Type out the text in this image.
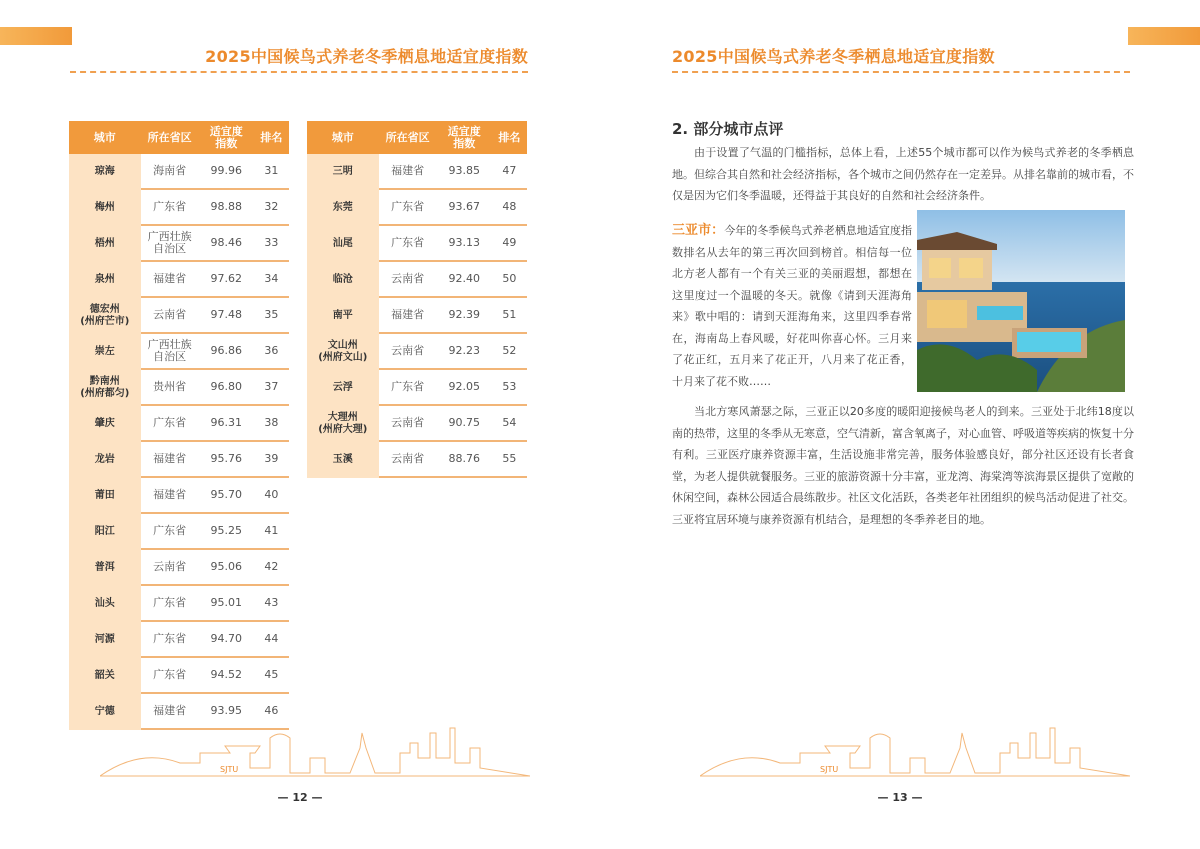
2025中国候鸟式养老冬季栖息地适宜度指数
SJTU
— 12 —
城市	所在省区	适宜度
指数	排名
琼海	海南省	99.96	31
梅州	广东省	98.88	32
梧州	广西壮族
自治区	98.46	33
泉州	福建省	97.62	34
德宏州
(州府芒市)	云南省	97.48	35
崇左	广西壮族
自治区	96.86	36
黔南州
(州府都匀)	贵州省	96.80	37
肇庆	广东省	96.31	38
龙岩	福建省	95.76	39
莆田	福建省	95.70	40
阳江	广东省	95.25	41
普洱	云南省	95.06	42
汕头	广东省	95.01	43
河源	广东省	94.70	44
韶关	广东省	94.52	45
宁德	福建省	93.95	46
城市	所在省区	适宜度
指数	排名
三明	福建省	93.85	47
东莞	广东省	93.67	48
汕尾	广东省	93.13	49
临沧	云南省	92.40	50
南平	福建省	92.39	51
文山州
(州府文山)	云南省	92.23	52
云浮	广东省	92.05	53
大理州
(州府大理)	云南省	90.75	54
玉溪	云南省	88.76	55
2025中国候鸟式养老冬季栖息地适宜度指数
2. 部分城市点评
由于设置了气温的门槛指标，总体上看，上述55个城市都可以作为候鸟式养老的冬季栖息地。但综合其自然和社会经济指标，各个城市之间仍然存在一定差异。从排名靠前的城市看，不仅是因为它们冬季温暖，还得益于其良好的自然和社会经济条件。
三亚市：今年的冬季候鸟式养老栖息地适宜度指数排名从去年的第三再次回到榜首。相信每一位北方老人都有一个有关三亚的美丽遐想，都想在这里度过一个温暖的冬天。就像《请到天涯海角来》歌中唱的：请到天涯海角来，这里四季春常在，海南岛上春风暖，好花叫你喜心怀。三月来了花正红，五月来了花正开，八月来了花正香，十月来了花不败……
当北方寒风萧瑟之际，三亚正以20多度的暖阳迎接候鸟老人的到来。三亚处于北纬18度以南的热带，这里的冬季从无寒意，空气清新，富含氧离子，对心血管、呼吸道等疾病的恢复十分有利。三亚医疗康养资源丰富，生活设施非常完善，服务体验感良好，部分社区还设有长者食堂，为老人提供就餐服务。三亚的旅游资源十分丰富，亚龙湾、海棠湾等滨海景区提供了宽敞的休闲空间，森林公园适合晨练散步。社区文化活跃，各类老年社团组织的候鸟活动促进了社交。三亚将宜居环境与康养资源有机结合，是理想的冬季养老目的地。
SJTU
— 13 —
